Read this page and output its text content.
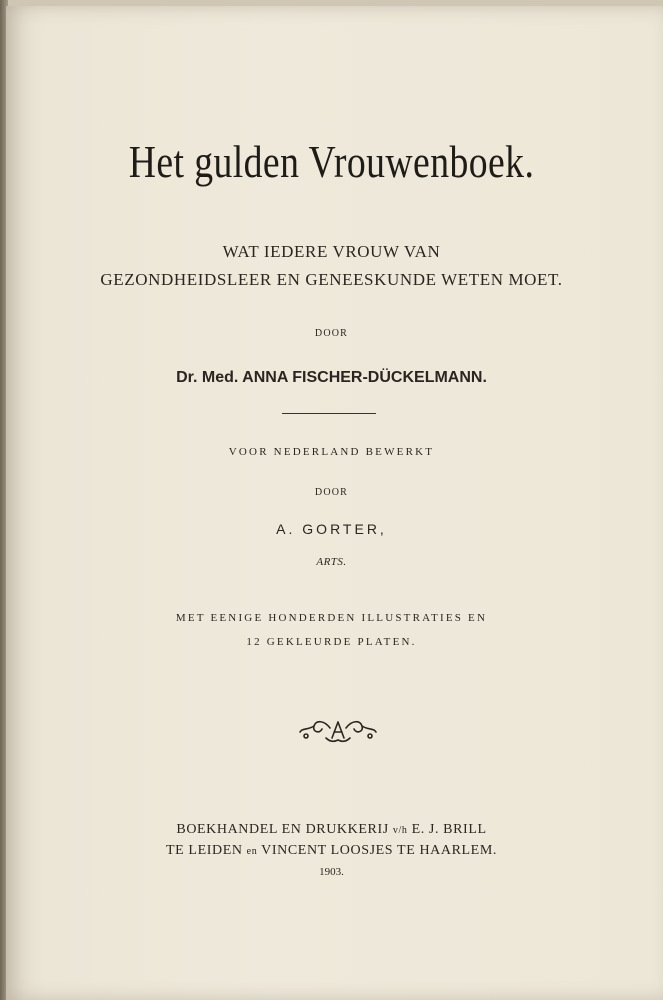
Het gulden Vrouwenboek.
WAT IEDERE VROUW VAN
GEZONDHEIDSLEER EN GENEESKUNDE WETEN MOET.
DOOR
Dr. Med. ANNA FISCHER-DÜCKELMANN.
VOOR NEDERLAND BEWERKT
DOOR
A. GORTER,
ARTS.
MET EENIGE HONDERDEN ILLUSTRATIES EN
12 GEKLEURDE PLATEN.
BOEKHANDEL EN DRUKKERIJ v/h E. J. BRILL
TE LEIDEN en VINCENT LOOSJES TE HAARLEM.
1903.
